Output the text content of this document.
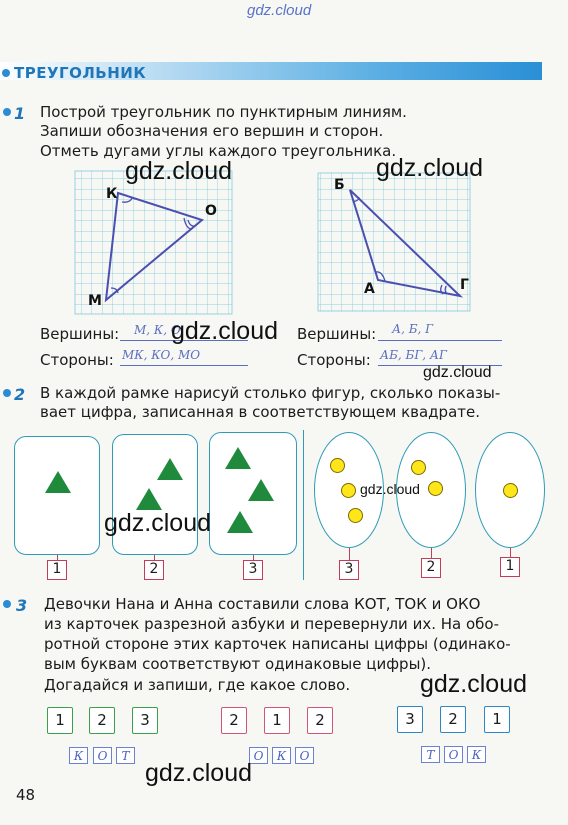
gdz.cloud
ТРЕУГОЛЬНИК
1 Построй треугольник по пунктирным линиям.
Запиши обозначения его вершин и сторон.
Отметь дугами углы каждого треугольника.
К
О
М
Б
А	Г
Вершины: М, К, О
Стороны: МК, КО, МО
Вершины: А, Б, Г
Стороны: АБ, БГ, АГ
2 В каждой рамке нарисуй столько фигур, сколько показы-
вает цифра, записанная в соответствующем квадрате.
1	2	3	3	2	1
3 Девочки Нана и Анна составили слова КОТ, ТОК и ОКО
из карточек разрезной азбуки и перевернули их. На обо-
ротной стороне этих карточек написаны цифры (одинако-
вым буквам соответствуют одинаковые цифры).
Догадайся и запиши, где какое слово.
1	2	3
К	О	Т
2	1	2
О	К	О
3	2	1
Т	О	К
48
gdz.cloud	gdz.cloud
gdz.cloud
gdz.cloud
gdz.cloud
gdz.cloud
gdz.cloud
gdz.cloud
